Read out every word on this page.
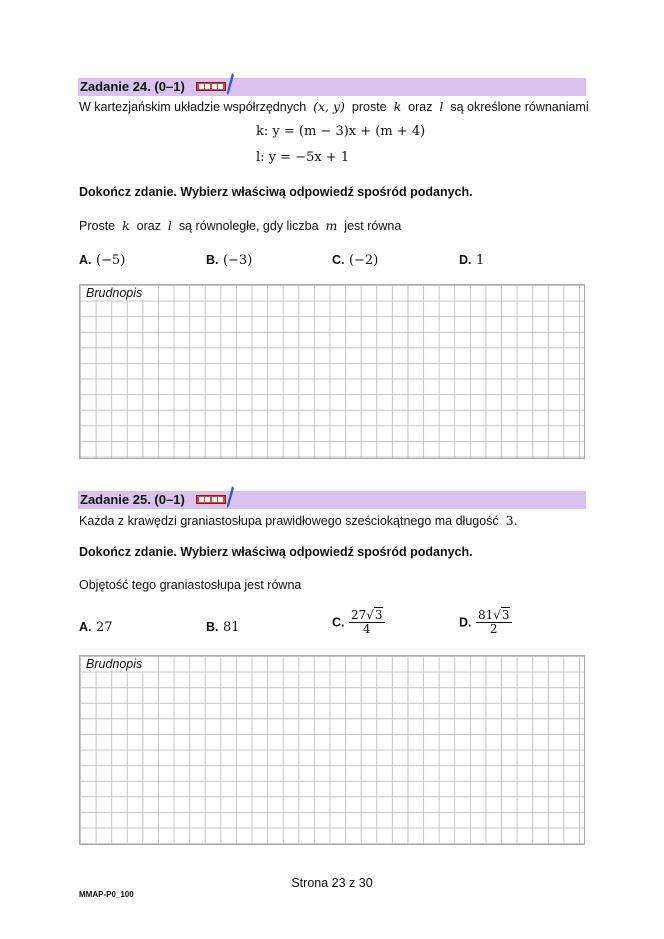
Zadanie 24. (0–1)
W kartezjańskim układzie współrzędnych (x, y) proste k oraz l są określone równaniami
k: y = (m − 3)x + (m + 4)
l: y = −5x + 1
Dokończ zdanie. Wybierz właściwą odpowiedź spośród podanych.
Proste k oraz l są równoległe, gdy liczba m jest równa
A. (−5)	B. (−3)	C. (−2)	D. 1
Brudnopis
Zadanie 25. (0–1)
Każda z krawędzi graniastosłupa prawidłowego sześciokątnego ma długość 3.
Dokończ zdanie. Wybierz właściwą odpowiedź spośród podanych.
Objętość tego graniastosłupa jest równa
A. 27	B. 81	C. $\frac{27√3}{4}$	D. $\frac{81√3}{2}$
Brudnopis
Strona 23 z 30
MMAP-P0_100
